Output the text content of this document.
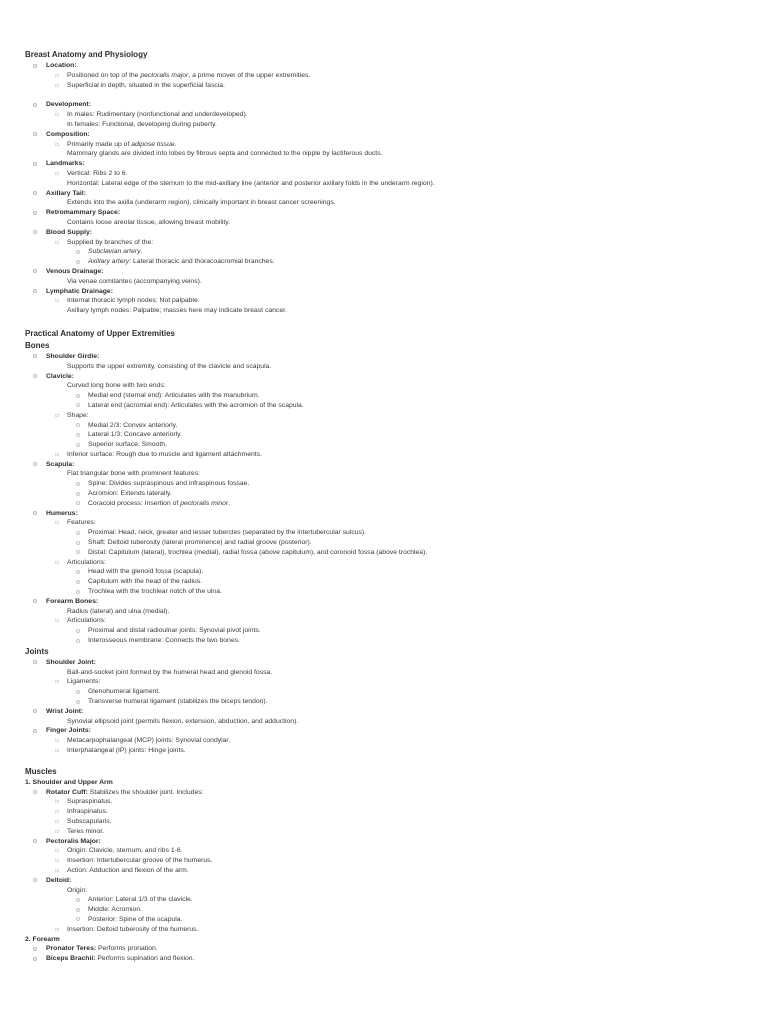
Breast Anatomy and Physiology
Location:
Positioned on top of the pectoralis major, a prime mover of the upper extremities.
Superficial in depth, situated in the superficial fascia.
Development:
In males: Rudimentary (nonfunctional and underdeveloped).
In females: Functional, developing during puberty.
Composition:
Primarily made up of adipose tissue.
Mammary glands are divided into lobes by fibrous septa and connected to the nipple by lactiferous ducts.
Landmarks:
Vertical: Ribs 2 to 6.
Horizontal: Lateral edge of the sternum to the mid-axillary line (anterior and posterior axillary folds in the underarm region).
Axillary Tail:
Extends into the axilla (underarm region), clinically important in breast cancer screenings.
Retromammary Space:
Contains loose areolar tissue, allowing breast mobility.
Blood Supply:
Supplied by branches of the:
Subclavian artery.
Axillary artery: Lateral thoracic and thoracoacromial branches.
Venous Drainage:
Via venae comitantes (accompanying veins).
Lymphatic Drainage:
Internal thoracic lymph nodes: Not palpable.
Axillary lymph nodes: Palpable; masses here may indicate breast cancer.
Practical Anatomy of Upper Extremities
Bones
Shoulder Girdle:
Supports the upper extremity, consisting of the clavicle and scapula.
Clavicle:
Curved long bone with two ends:
Medial end (sternal end): Articulates with the manubrium.
Lateral end (acromial end): Articulates with the acromion of the scapula.
Shape:
Medial 2/3: Convex anteriorly.
Lateral 1/3: Concave anteriorly.
Superior surface: Smooth.
Inferior surface: Rough due to muscle and ligament attachments.
Scapula:
Flat triangular bone with prominent features:
Spine: Divides supraspinous and infraspinous fossae.
Acromion: Extends laterally.
Coracoid process: Insertion of pectoralis minor.
Humerus:
Features:
Proximal: Head, neck, greater and lesser tubercles (separated by the intertubercular sulcus).
Shaft: Deltoid tuberosity (lateral prominence) and radial groove (posterior).
Distal: Capitulum (lateral), trochlea (medial), radial fossa (above capitulum), and coronoid fossa (above trochlea).
Articulations:
Head with the glenoid fossa (scapula).
Capitulum with the head of the radius.
Trochlea with the trochlear notch of the ulna.
Forearm Bones:
Radius (lateral) and ulna (medial).
Articulations:
Proximal and distal radioulnar joints: Synovial pivot joints.
Interosseous membrane: Connects the two bones.
Joints
Shoulder Joint:
Ball-and-socket joint formed by the humeral head and glenoid fossa.
Ligaments:
Glenohumeral ligament.
Transverse humeral ligament (stabilizes the biceps tendon).
Wrist Joint:
Synovial ellipsoid joint (permits flexion, extension, abduction, and adduction).
Finger Joints:
Metacarpophalangeal (MCP) joints: Synovial condylar.
Interphalangeal (IP) joints: Hinge joints.
Muscles
1. Shoulder and Upper Arm
Rotator Cuff: Stabilizes the shoulder joint. Includes:
Supraspinatus.
Infraspinatus.
Subscapularis.
Teres minor.
Pectoralis Major:
Origin: Clavicle, sternum, and ribs 1-6.
Insertion: Intertubercular groove of the humerus.
Action: Adduction and flexion of the arm.
Deltoid:
Origin:
Anterior: Lateral 1/3 of the clavicle.
Middle: Acromion.
Posterior: Spine of the scapula.
Insertion: Deltoid tuberosity of the humerus.
2. Forearm
Pronator Teres: Performs pronation.
Biceps Brachii: Performs supination and flexion.
